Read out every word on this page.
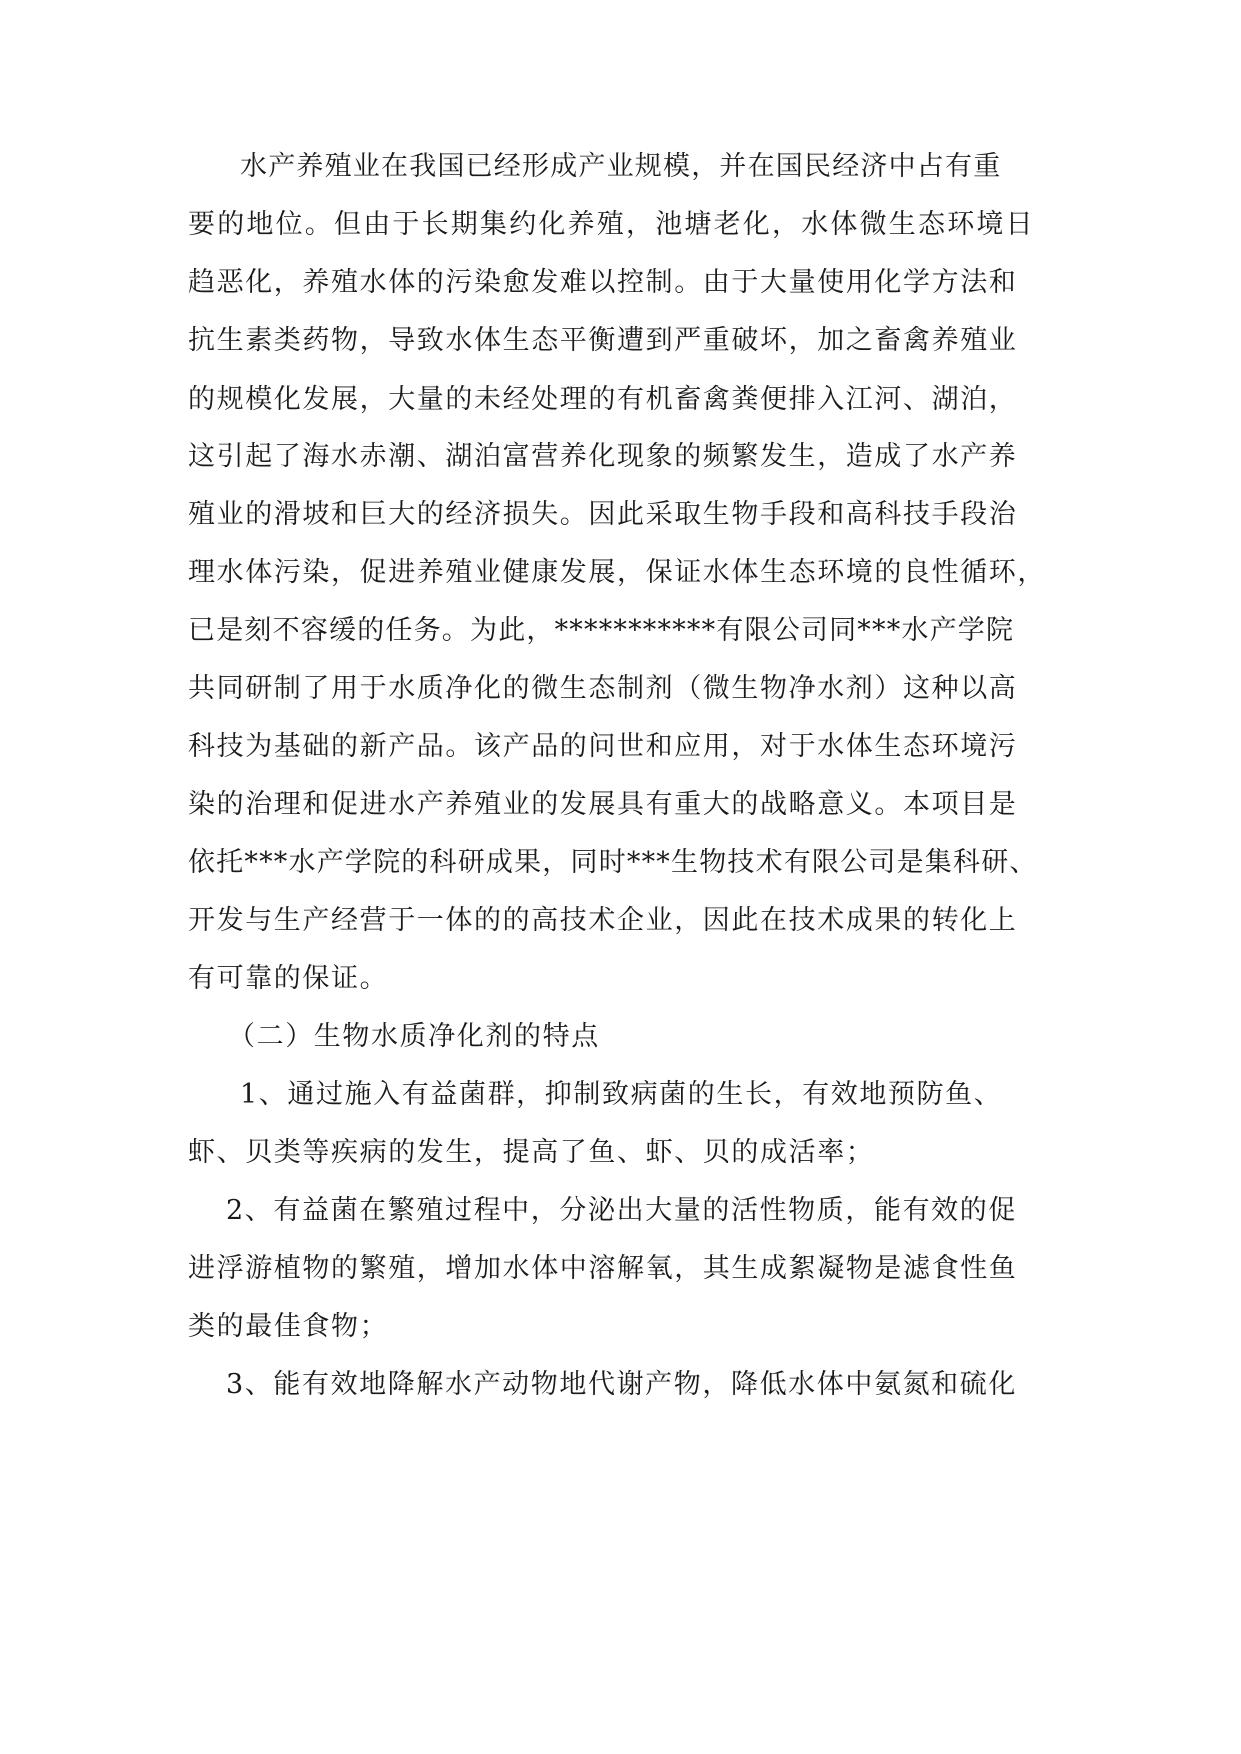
水产养殖业在我国已经形成产业规模，并在国民经济中占有重

要的地位。但由于长期集约化养殖，池塘老化，水体微生态环境日

趋恶化，养殖水体的污染愈发难以控制。由于大量使用化学方法和

抗生素类药物，导致水体生态平衡遭到严重破坏，加之畜禽养殖业

的规模化发展，大量的未经处理的有机畜禽粪便排入江河、湖泊，

这引起了海水赤潮、湖泊富营养化现象的频繁发生，造成了水产养

殖业的滑坡和巨大的经济损失。因此采取生物手段和高科技手段治

理水体污染，促进养殖业健康发展，保证水体生态环境的良性循环，

已是刻不容缓的任务。为此，***********有限公司同***水产学院

共同研制了用于水质净化的微生态制剂（微生物净水剂）这种以高

科技为基础的新产品。该产品的问世和应用，对于水体生态环境污

染的治理和促进水产养殖业的发展具有重大的战略意义。本项目是

依托***水产学院的科研成果，同时***生物技术有限公司是集科研、

开发与生产经营于一体的的高技术企业，因此在技术成果的转化上

有可靠的保证。

（二）生物水质净化剂的特点

1、通过施入有益菌群，抑制致病菌的生长，有效地预防鱼、

虾、贝类等疾病的发生，提高了鱼、虾、贝的成活率；

2、有益菌在繁殖过程中，分泌出大量的活性物质，能有效的促

进浮游植物的繁殖，增加水体中溶解氧，其生成絮凝物是滤食性鱼

类的最佳食物；

3、能有效地降解水产动物地代谢产物，降低水体中氨氮和硫化
